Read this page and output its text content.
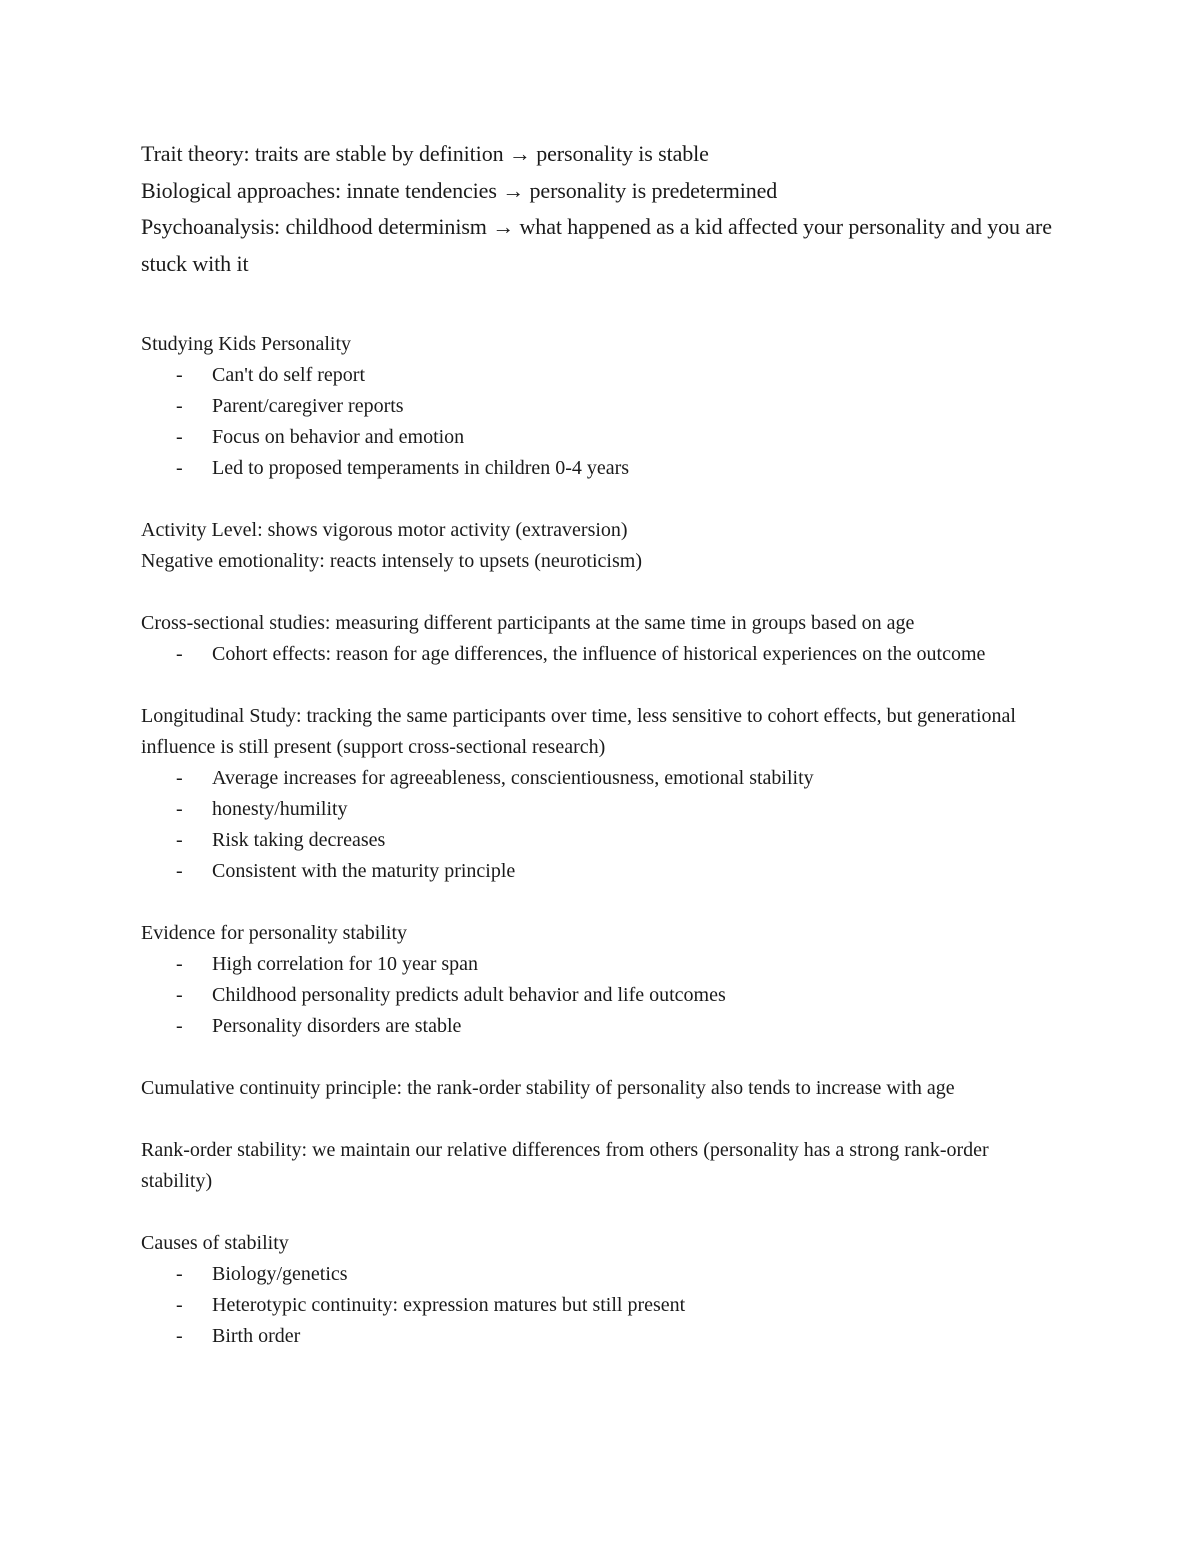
Trait theory: traits are stable by definition → personality is stable

Biological approaches: innate tendencies → personality is predetermined

Psychoanalysis: childhood determinism → what happened as a kid affected your personality and you are stuck with it

Studying Kids Personality

- Can't do self report
- Parent/caregiver reports
- Focus on behavior and emotion
- Led to proposed temperaments in children 0-4 years

Activity Level: shows vigorous motor activity (extraversion)

Negative emotionality: reacts intensely to upsets (neuroticism)

Cross-sectional studies: measuring different participants at the same time in groups based on age

- Cohort effects: reason for age differences, the influence of historical experiences on the outcome

Longitudinal Study: tracking the same participants over time, less sensitive to cohort effects, but generational influence is still present (support cross-sectional research)

- Average increases for agreeableness, conscientiousness, emotional stability
- honesty/humility
- Risk taking decreases
- Consistent with the maturity principle

Evidence for personality stability

- High correlation for 10 year span
- Childhood personality predicts adult behavior and life outcomes
- Personality disorders are stable

Cumulative continuity principle: the rank-order stability of personality also tends to increase with age

Rank-order stability: we maintain our relative differences from others (personality has a strong rank-order stability)

Causes of stability

- Biology/genetics
- Heterotypic continuity: expression matures but still present
- Birth order
